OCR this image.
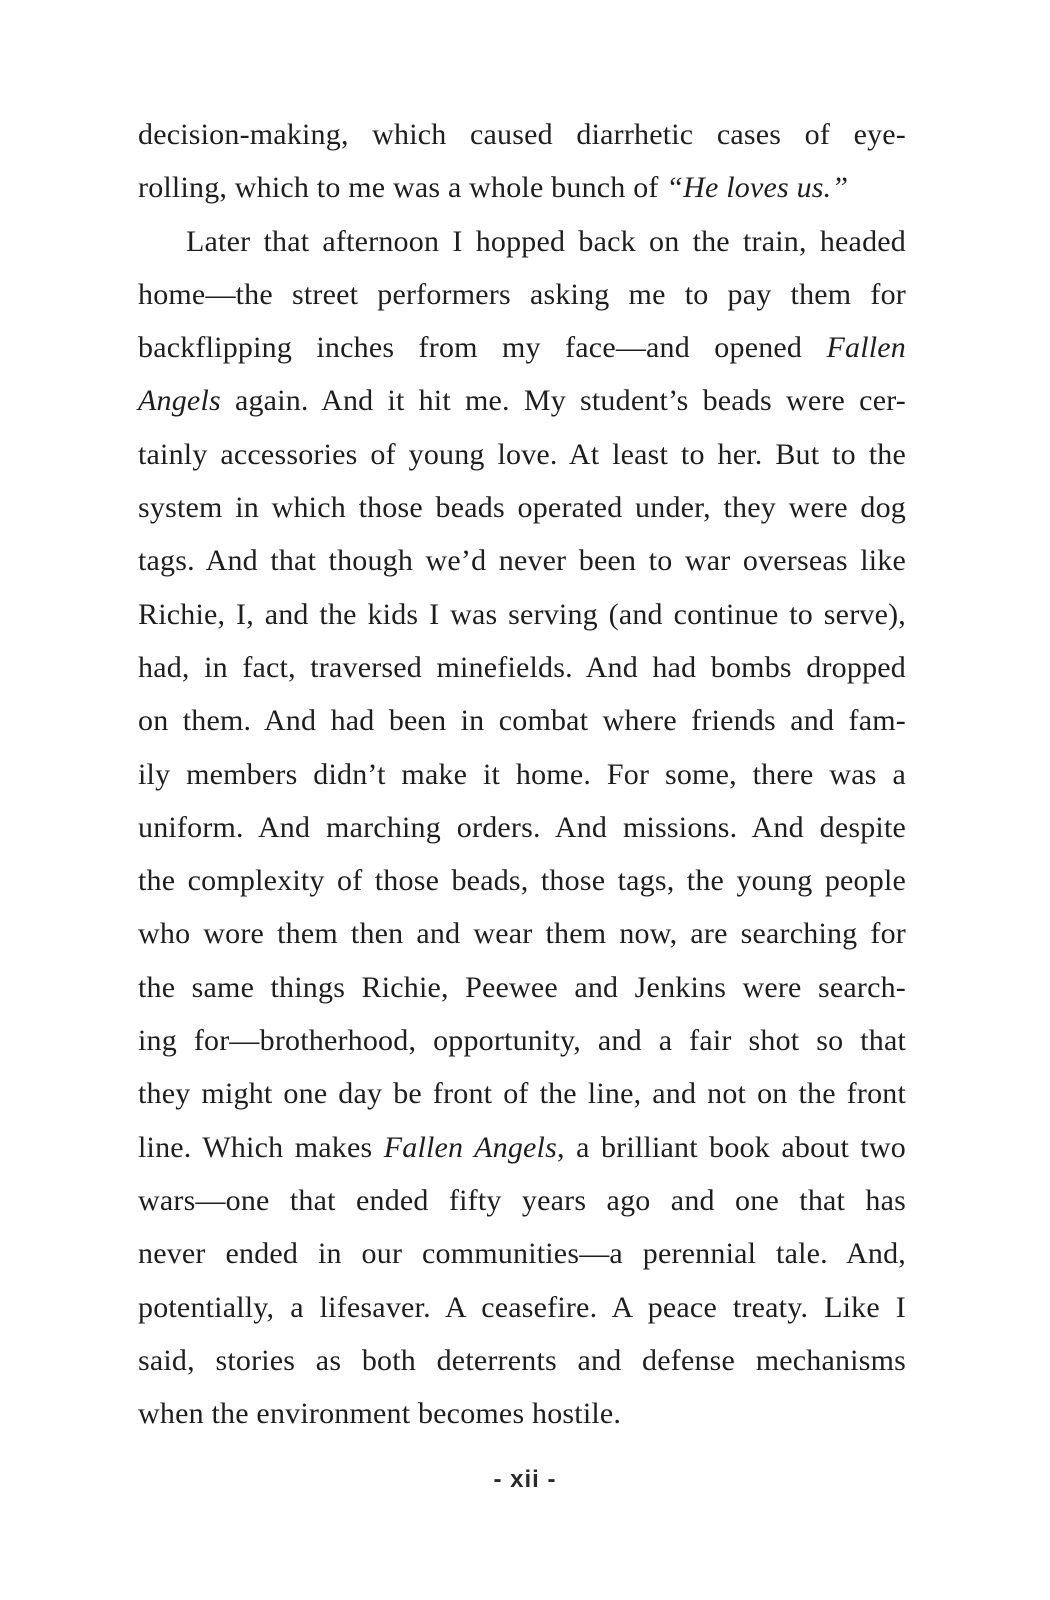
decision-making, which caused diarrhetic cases of eye-
rolling, which to me was a whole bunch of “He loves us.”
Later that afternoon I hopped back on the train, headed
home—the street performers asking me to pay them for
backflipping inches from my face—and opened Fallen
Angels again. And it hit me. My student’s beads were cer-
tainly accessories of young love. At least to her. But to the
system in which those beads operated under, they were dog
tags. And that though we’d never been to war overseas like
Richie, I, and the kids I was serving (and continue to serve),
had, in fact, traversed minefields. And had bombs dropped
on them. And had been in combat where friends and fam-
ily members didn’t make it home. For some, there was a
uniform. And marching orders. And missions. And despite
the complexity of those beads, those tags, the young people
who wore them then and wear them now, are searching for
the same things Richie, Peewee and Jenkins were search-
ing for—brotherhood, opportunity, and a fair shot so that
they might one day be front of the line, and not on the front
line. Which makes Fallen Angels, a brilliant book about two
wars—one that ended fifty years ago and one that has
never ended in our communities—a perennial tale. And,
potentially, a lifesaver. A ceasefire. A peace treaty. Like I
said, stories as both deterrents and defense mechanisms
when the environment becomes hostile.
- xii -
